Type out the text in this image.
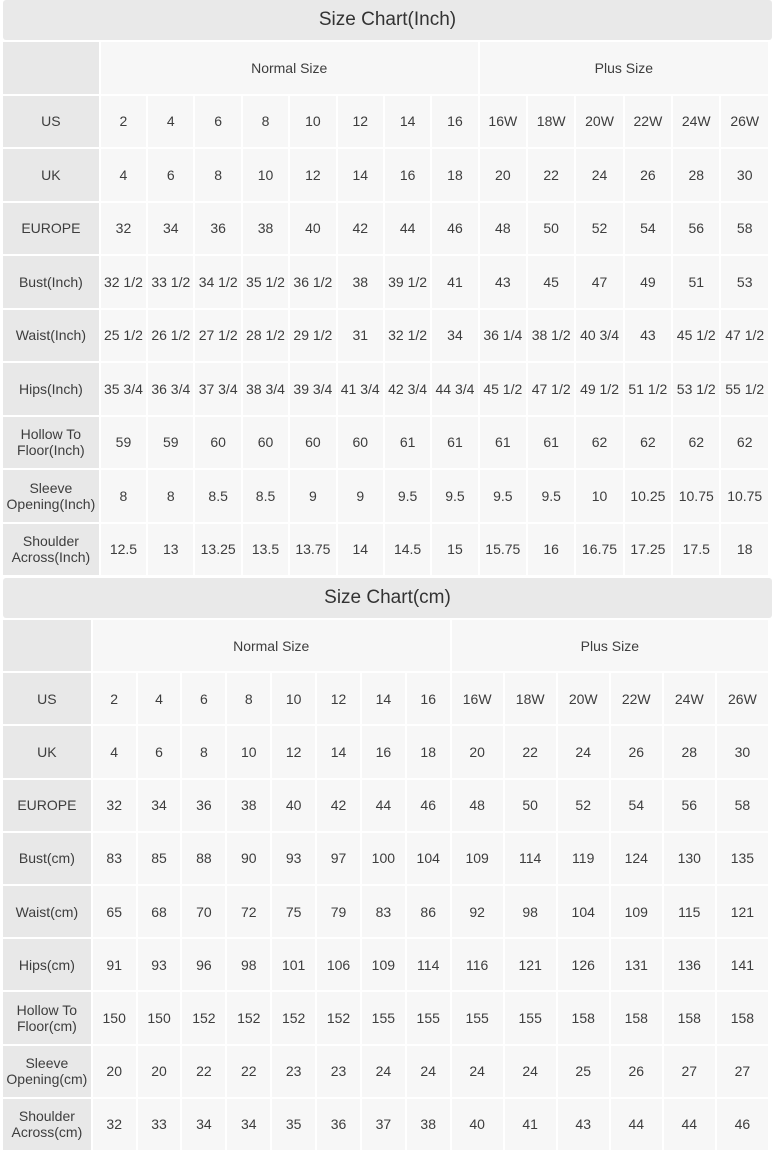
Size Chart(Inch)
	Normal Size								Plus Size					
US	2	4	6	8	10	12	14	16	16W	18W	20W	22W	24W	26W
UK	4	6	8	10	12	14	16	18	20	22	24	26	28	30
EUROPE	32	34	36	38	40	42	44	46	48	50	52	54	56	58
Bust(Inch)	32 1/2	33 1/2	34 1/2	35 1/2	36 1/2	38	39 1/2	41	43	45	47	49	51	53
Waist(Inch)	25 1/2	26 1/2	27 1/2	28 1/2	29 1/2	31	32 1/2	34	36 1/4	38 1/2	40 3/4	43	45 1/2	47 1/2
Hips(Inch)	35 3/4	36 3/4	37 3/4	38 3/4	39 3/4	41 3/4	42 3/4	44 3/4	45 1/2	47 1/2	49 1/2	51 1/2	53 1/2	55 1/2
Hollow To Floor(Inch)	59	59	60	60	60	60	61	61	61	61	62	62	62	62
Sleeve Opening(Inch)	8	8	8.5	8.5	9	9	9.5	9.5	9.5	9.5	10	10.25	10.75	10.75
Shoulder Across(Inch)	12.5	13	13.25	13.5	13.75	14	14.5	15	15.75	16	16.75	17.25	17.5	18
Size Chart(cm)
	Normal Size								Plus Size					
US	2	4	6	8	10	12	14	16	16W	18W	20W	22W	24W	26W
UK	4	6	8	10	12	14	16	18	20	22	24	26	28	30
EUROPE	32	34	36	38	40	42	44	46	48	50	52	54	56	58
Bust(cm)	83	85	88	90	93	97	100	104	109	114	119	124	130	135
Waist(cm)	65	68	70	72	75	79	83	86	92	98	104	109	115	121
Hips(cm)	91	93	96	98	101	106	109	114	116	121	126	131	136	141
Hollow To Floor(cm)	150	150	152	152	152	152	155	155	155	155	158	158	158	158
Sleeve Opening(cm)	20	20	22	22	23	23	24	24	24	24	25	26	27	27
Shoulder Across(cm)	32	33	34	34	35	36	37	38	40	41	43	44	44	46
